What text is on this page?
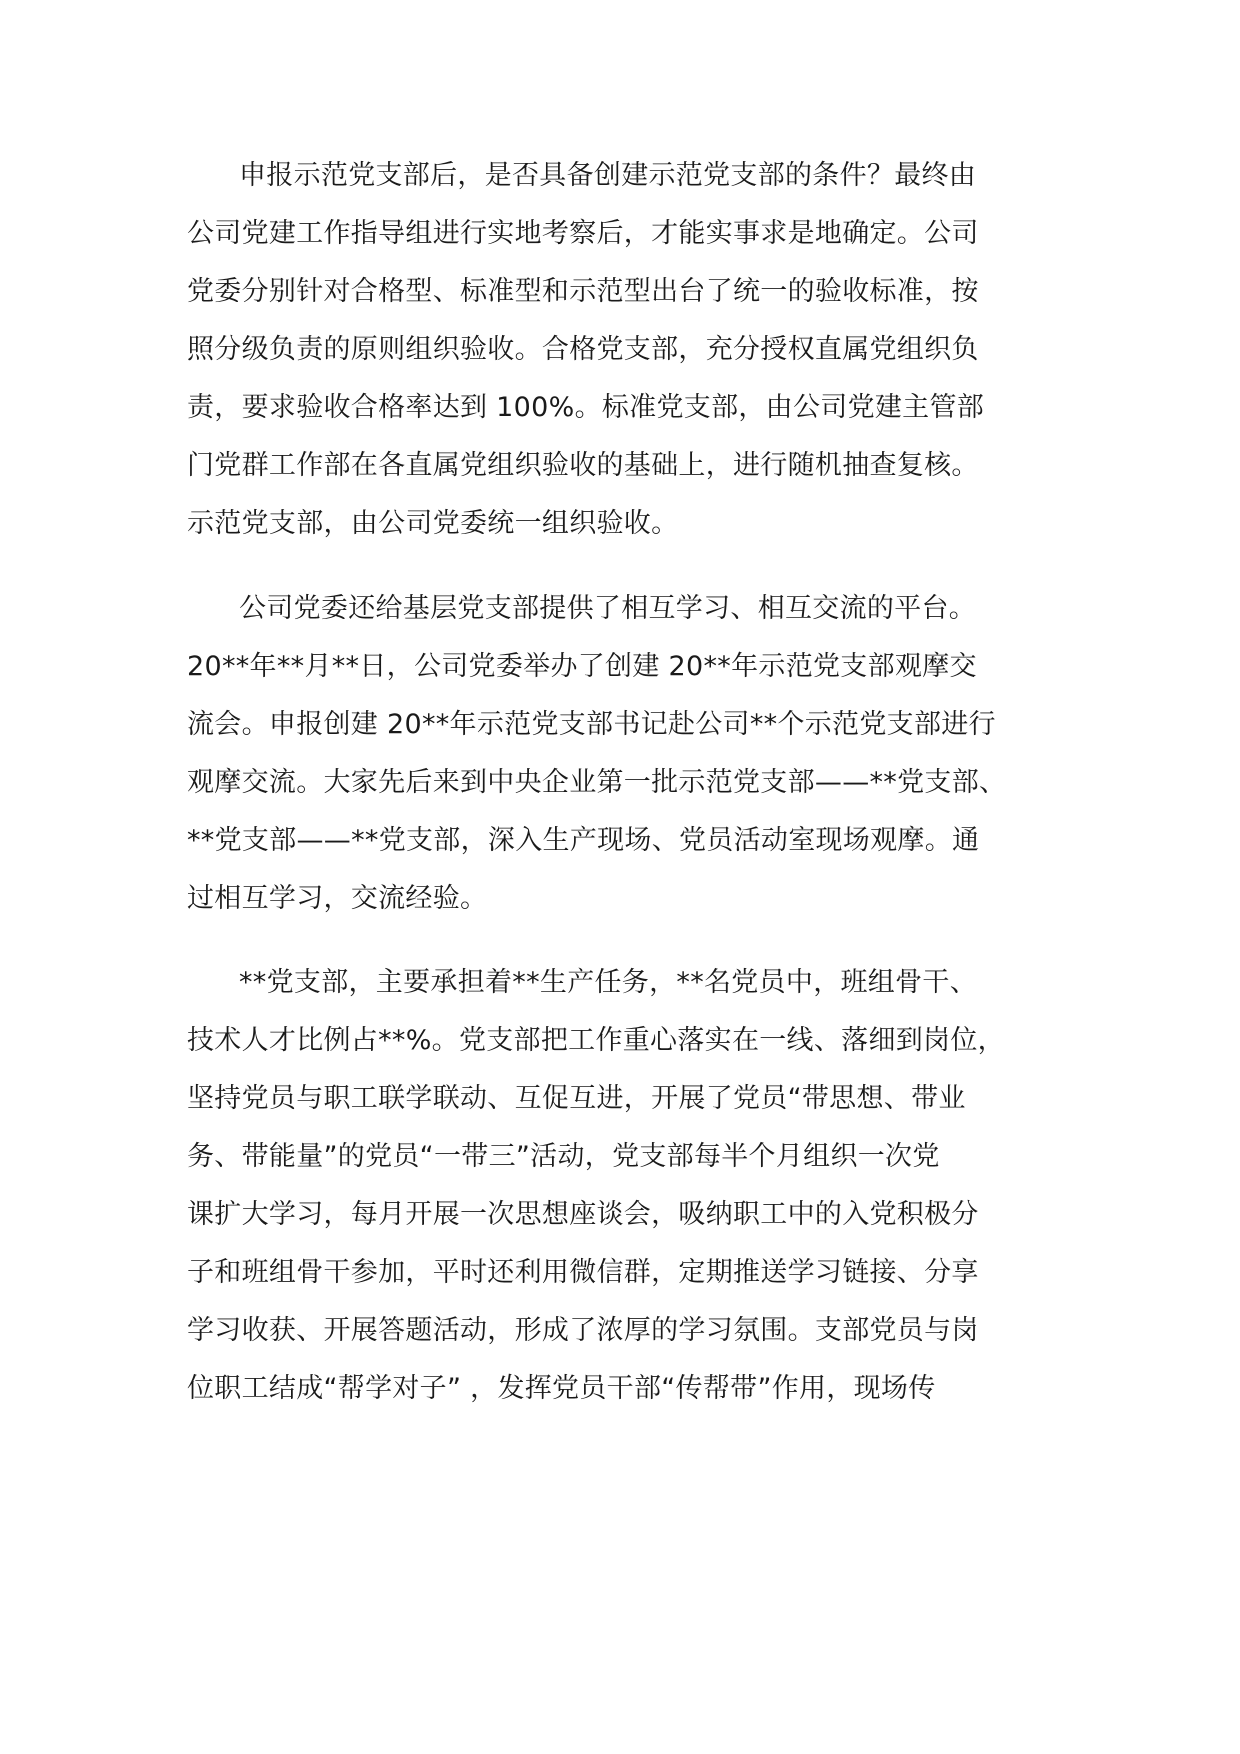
申报示范党支部后，是否具备创建示范党支部的条件？最终由
公司党建工作指导组进行实地考察后，才能实事求是地确定。公司
党委分别针对合格型、标准型和示范型出台了统一的验收标准，按
照分级负责的原则组织验收。合格党支部，充分授权直属党组织负
责，要求验收合格率达到 100%。标准党支部，由公司党建主管部
门党群工作部在各直属党组织验收的基础上，进行随机抽查复核。
示范党支部，由公司党委统一组织验收。
公司党委还给基层党支部提供了相互学习、相互交流的平台。
20**年**月**日，公司党委举办了创建 20**年示范党支部观摩交
流会。申报创建 20**年示范党支部书记赴公司**个示范党支部进行
观摩交流。大家先后来到中央企业第一批示范党支部——**党支部、
**党支部——**党支部，深入生产现场、党员活动室现场观摩。通
过相互学习，交流经验。
**党支部，主要承担着**生产任务，**名党员中，班组骨干、
技术人才比例占**%。党支部把工作重心落实在一线、落细到岗位，
坚持党员与职工联学联动、互促互进，开展了党员“带思想、带业
务、带能量”的党员“一带三”活动，党支部每半个月组织一次党
课扩大学习，每月开展一次思想座谈会，吸纳职工中的入党积极分
子和班组骨干参加，平时还利用微信群，定期推送学习链接、分享
学习收获、开展答题活动，形成了浓厚的学习氛围。支部党员与岗
位职工结成“帮学对子” ，发挥党员干部“传帮带”作用，现场传
